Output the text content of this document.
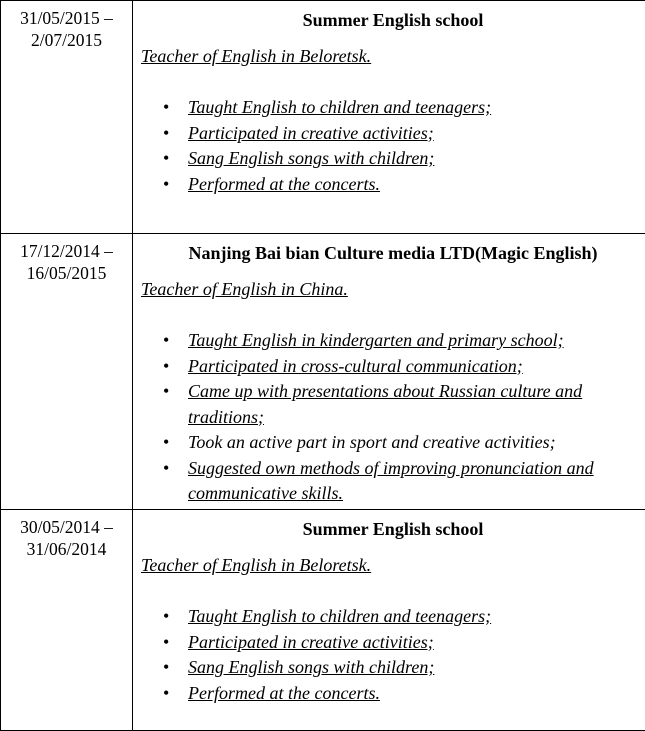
31/05/2015 –
2/07/2015
Summer English school
Teacher of English in Beloretsk.
• Taught English to children and teenagers;
• Participated in creative activities;
• Sang English songs with children;
• Performed at the concerts.
17/12/2014 –
16/05/2015
Nanjing Bai bian Culture media LTD(Magic English)
Teacher of English in China.
• Taught English in kindergarten and primary school;
• Participated in cross-cultural communication;
• Came up with presentations about Russian culture and traditions;
• Took an active part in sport and creative activities;
• Suggested own methods of improving pronunciation and communicative skills.
30/05/2014 –
31/06/2014
Summer English school
Teacher of English in Beloretsk.
• Taught English to children and teenagers;
• Participated in creative activities;
• Sang English songs with children;
• Performed at the concerts.
